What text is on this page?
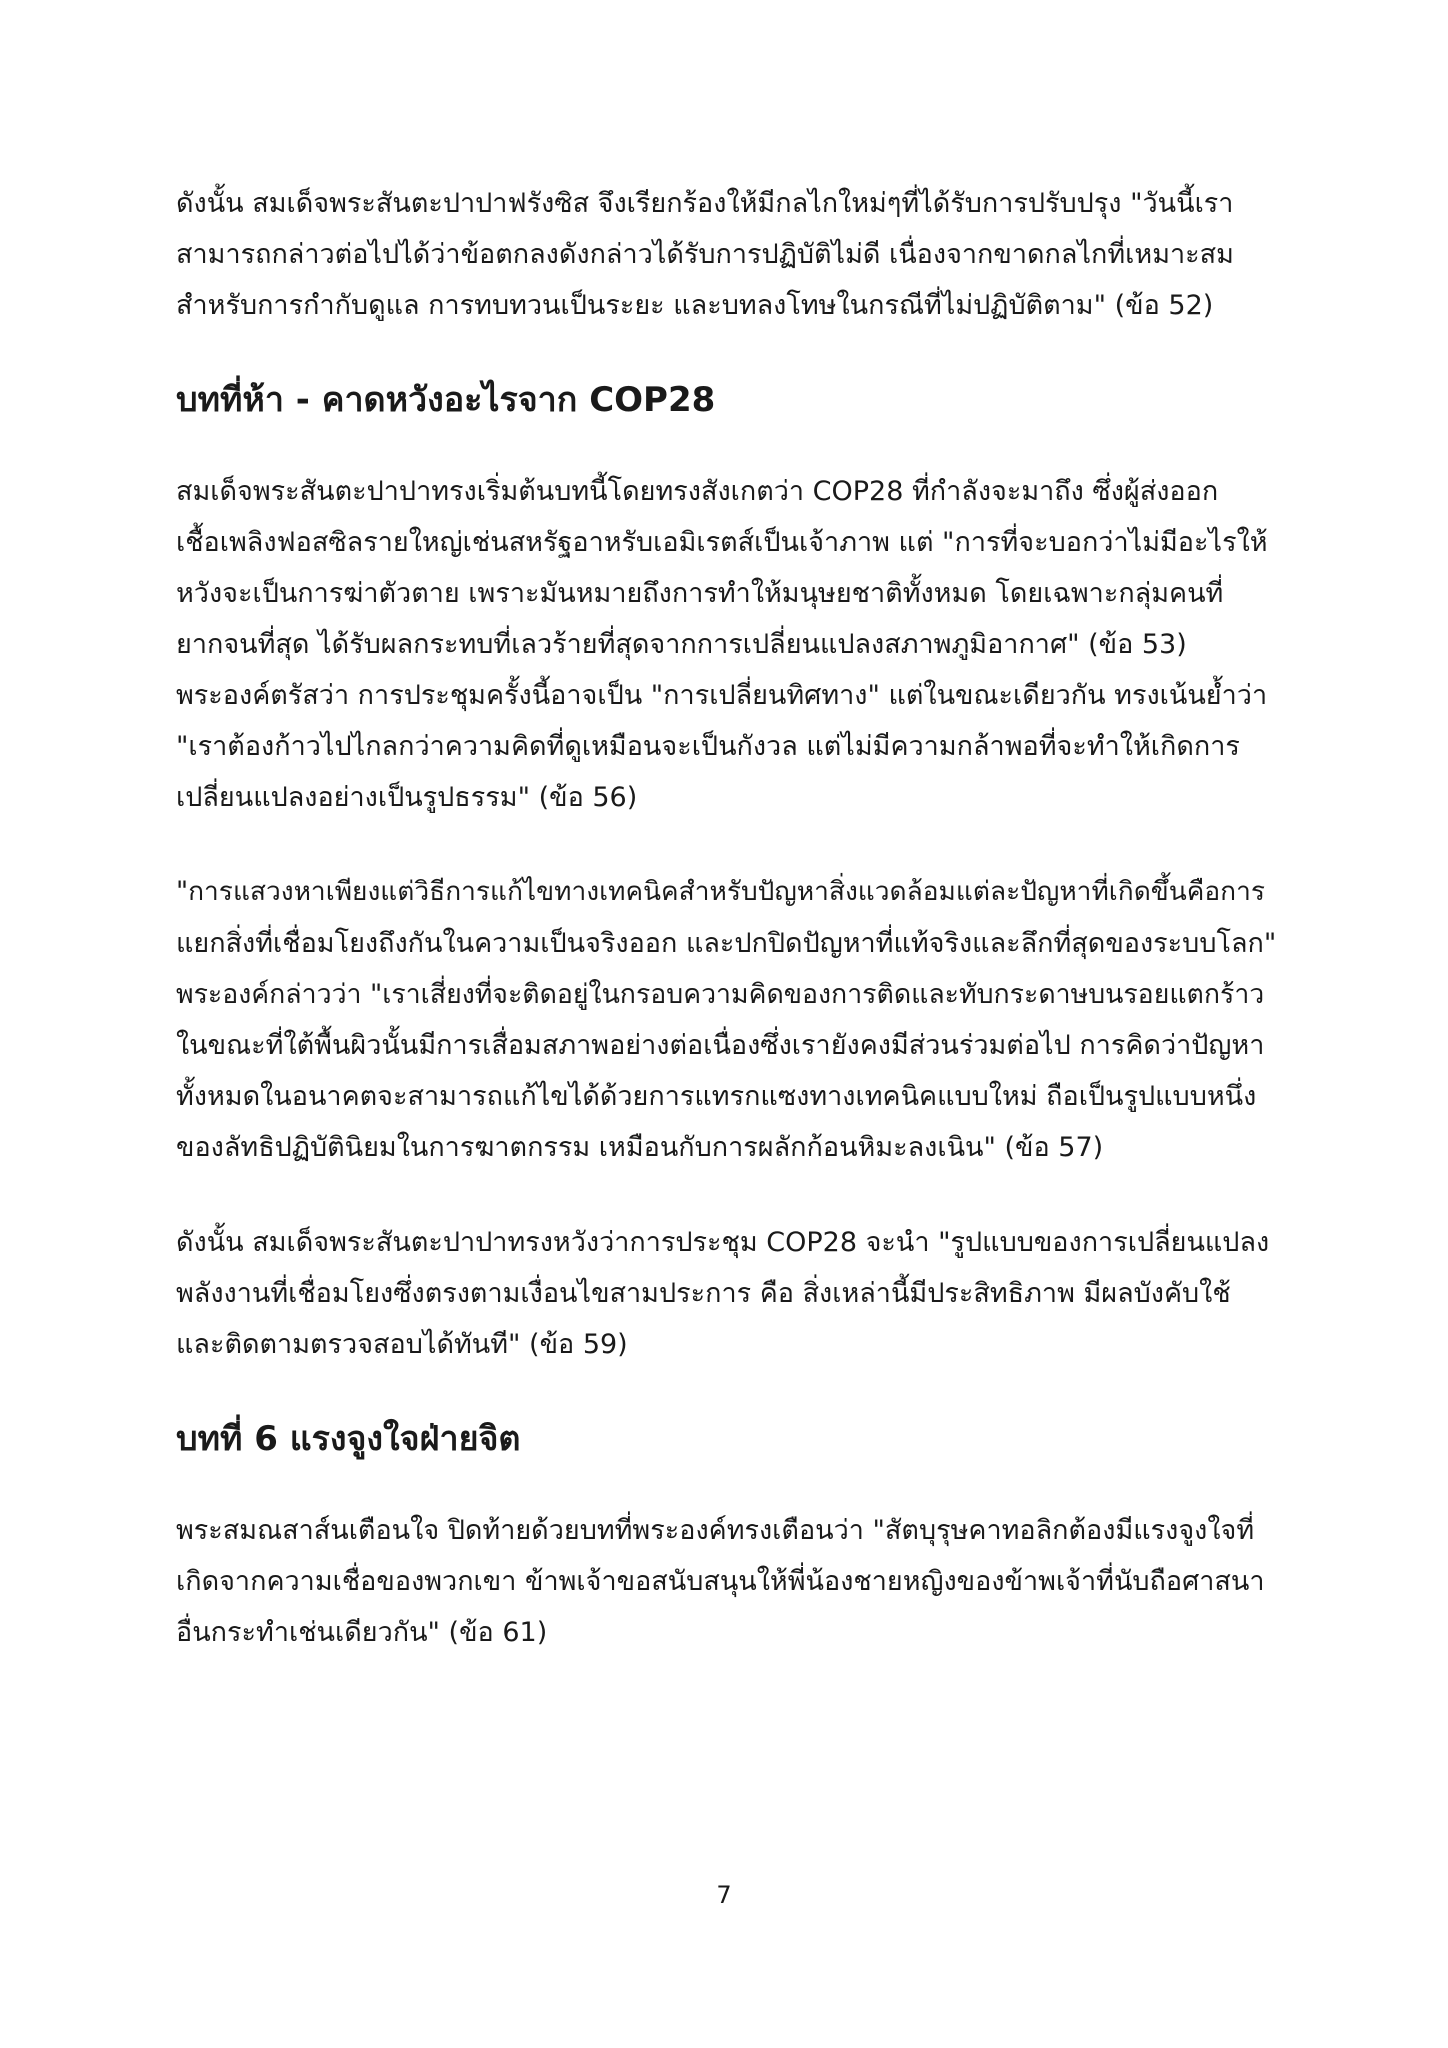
ดังนั้น สมเด็จพระสันตะปาปาฟรังซิส จึงเรียกร้องให้มีกลไกใหม่ๆที่ได้รับการปรับปรุง "วันนี้เรา
สามารถกล่าวต่อไปได้ว่าข้อตกลงดังกล่าวได้รับการปฏิบัติไม่ดี เนื่องจากขาดกลไกที่เหมาะสม
สำหรับการกำกับดูแล การทบทวนเป็นระยะ และบทลงโทษในกรณีที่ไม่ปฏิบัติตาม" (ข้อ 52)

บทที่ห้า - คาดหวังอะไรจาก COP28

สมเด็จพระสันตะปาปาทรงเริ่มต้นบทนี้โดยทรงสังเกตว่า COP28 ที่กำลังจะมาถึง ซึ่งผู้ส่งออก
เชื้อเพลิงฟอสซิลรายใหญ่เช่นสหรัฐอาหรับเอมิเรตส์เป็นเจ้าภาพ แต่ "การที่จะบอกว่าไม่มีอะไรให้
หวังจะเป็นการฆ่าตัวตาย เพราะมันหมายถึงการทำให้มนุษยชาติทั้งหมด โดยเฉพาะกลุ่มคนที่
ยากจนที่สุด ได้รับผลกระทบที่เลวร้ายที่สุดจากการเปลี่ยนแปลงสภาพภูมิอากาศ" (ข้อ 53)
พระองค์ตรัสว่า การประชุมครั้งนี้อาจเป็น "การเปลี่ยนทิศทาง" แต่ในขณะเดียวกัน ทรงเน้นย้ำว่า
"เราต้องก้าวไปไกลกว่าความคิดที่ดูเหมือนจะเป็นกังวล แต่ไม่มีความกล้าพอที่จะทำให้เกิดการ
เปลี่ยนแปลงอย่างเป็นรูปธรรม" (ข้อ 56)

"การแสวงหาเพียงแต่วิธีการแก้ไขทางเทคนิคสำหรับปัญหาสิ่งแวดล้อมแต่ละปัญหาที่เกิดขึ้นคือการ
แยกสิ่งที่เชื่อมโยงถึงกันในความเป็นจริงออก และปกปิดปัญหาที่แท้จริงและลึกที่สุดของระบบโลก"
พระองค์กล่าวว่า "เราเสี่ยงที่จะติดอยู่ในกรอบความคิดของการติดและทับกระดาษบนรอยแตกร้าว
ในขณะที่ใต้พื้นผิวนั้นมีการเสื่อมสภาพอย่างต่อเนื่องซึ่งเรายังคงมีส่วนร่วมต่อไป การคิดว่าปัญหา
ทั้งหมดในอนาคตจะสามารถแก้ไขได้ด้วยการแทรกแซงทางเทคนิคแบบใหม่ ถือเป็นรูปแบบหนึ่ง
ของลัทธิปฏิบัตินิยมในการฆาตกรรม เหมือนกับการผลักก้อนหิมะลงเนิน" (ข้อ 57)

ดังนั้น สมเด็จพระสันตะปาปาทรงหวังว่าการประชุม COP28 จะนำ "รูปแบบของการเปลี่ยนแปลง
พลังงานที่เชื่อมโยงซึ่งตรงตามเงื่อนไขสามประการ คือ สิ่งเหล่านี้มีประสิทธิภาพ มีผลบังคับใช้
และติดตามตรวจสอบได้ทันที" (ข้อ 59)

บทที่ 6 แรงจูงใจฝ่ายจิต

พระสมณสาส์นเตือนใจ ปิดท้ายด้วยบทที่พระองค์ทรงเตือนว่า "สัตบุรุษคาทอลิกต้องมีแรงจูงใจที่
เกิดจากความเชื่อของพวกเขา ข้าพเจ้าขอสนับสนุนให้พี่น้องชายหญิงของข้าพเจ้าที่นับถือศาสนา
อื่นกระทำเช่นเดียวกัน" (ข้อ 61)

7
